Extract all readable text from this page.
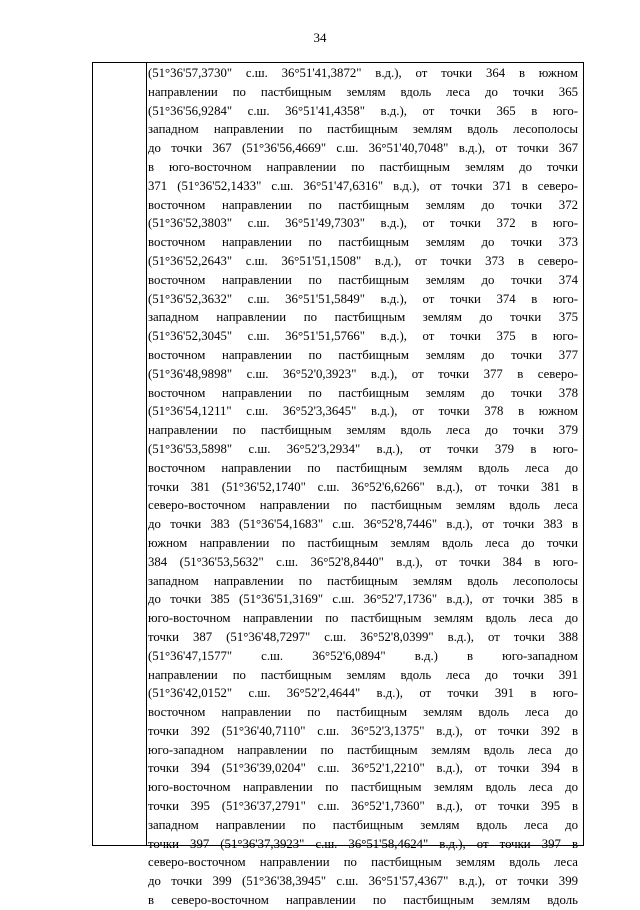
34
(51°36'57,3730" с.ш. 36°51'41,3872" в.д.), от точки 364 в южном
направлении по пастбищным землям вдоль леса до точки 365
(51°36'56,9284" с.ш. 36°51'41,4358" в.д.), от точки 365 в юго-
западном направлении по пастбищным землям вдоль лесополосы
до точки 367 (51°36'56,4669" с.ш. 36°51'40,7048" в.д.), от точки 367
в юго-восточном направлении по пастбищным землям до точки
371 (51°36'52,1433" с.ш. 36°51'47,6316" в.д.), от точки 371 в северо-
восточном направлении по пастбищным землям до точки 372
(51°36'52,3803" с.ш. 36°51'49,7303" в.д.), от точки 372 в юго-
восточном направлении по пастбищным землям до точки 373
(51°36'52,2643" с.ш. 36°51'51,1508" в.д.), от точки 373 в северо-
восточном направлении по пастбищным землям до точки 374
(51°36'52,3632" с.ш. 36°51'51,5849" в.д.), от точки 374 в юго-
западном направлении по пастбищным землям до точки 375
(51°36'52,3045" с.ш. 36°51'51,5766" в.д.), от точки 375 в юго-
восточном направлении по пастбищным землям до точки 377
(51°36'48,9898" с.ш. 36°52'0,3923" в.д.), от точки 377 в северо-
восточном направлении по пастбищным землям до точки 378
(51°36'54,1211" с.ш. 36°52'3,3645" в.д.), от точки 378 в южном
направлении по пастбищным землям вдоль леса до точки 379
(51°36'53,5898" с.ш. 36°52'3,2934" в.д.), от точки 379 в юго-
восточном направлении по пастбищным землям вдоль леса до
точки 381 (51°36'52,1740" с.ш. 36°52'6,6266" в.д.), от точки 381 в
северо-восточном направлении по пастбищным землям вдоль леса
до точки 383 (51°36'54,1683" с.ш. 36°52'8,7446" в.д.), от точки 383 в
южном направлении по пастбищным землям вдоль леса до точки
384 (51°36'53,5632" с.ш. 36°52'8,8440" в.д.), от точки 384 в юго-
западном направлении по пастбищным землям вдоль лесополосы
до точки 385 (51°36'51,3169" с.ш. 36°52'7,1736" в.д.), от точки 385 в
юго-восточном направлении по пастбищным землям вдоль леса до
точки 387 (51°36'48,7297" с.ш. 36°52'8,0399" в.д.), от точки 388
(51°36'47,1577" с.ш. 36°52'6,0894" в.д.) в юго-западном
направлении по пастбищным землям вдоль леса до точки 391
(51°36'42,0152" с.ш. 36°52'2,4644" в.д.), от точки 391 в юго-
восточном направлении по пастбищным землям вдоль леса до
точки 392 (51°36'40,7110" с.ш. 36°52'3,1375" в.д.), от точки 392 в
юго-западном направлении по пастбищным землям вдоль леса до
точки 394 (51°36'39,0204" с.ш. 36°52'1,2210" в.д.), от точки 394 в
юго-восточном направлении по пастбищным землям вдоль леса до
точки 395 (51°36'37,2791" с.ш. 36°52'1,7360" в.д.), от точки 395 в
западном направлении по пастбищным землям вдоль леса до
точки 397 (51°36'37,3923" с.ш. 36°51'58,4624" в.д.), от точки 397 в
северо-восточном направлении по пастбищным землям вдоль леса
до точки 399 (51°36'38,3945" с.ш. 36°51'57,4367" в.д.), от точки 399
в северо-восточном направлении по пастбищным землям вдоль
